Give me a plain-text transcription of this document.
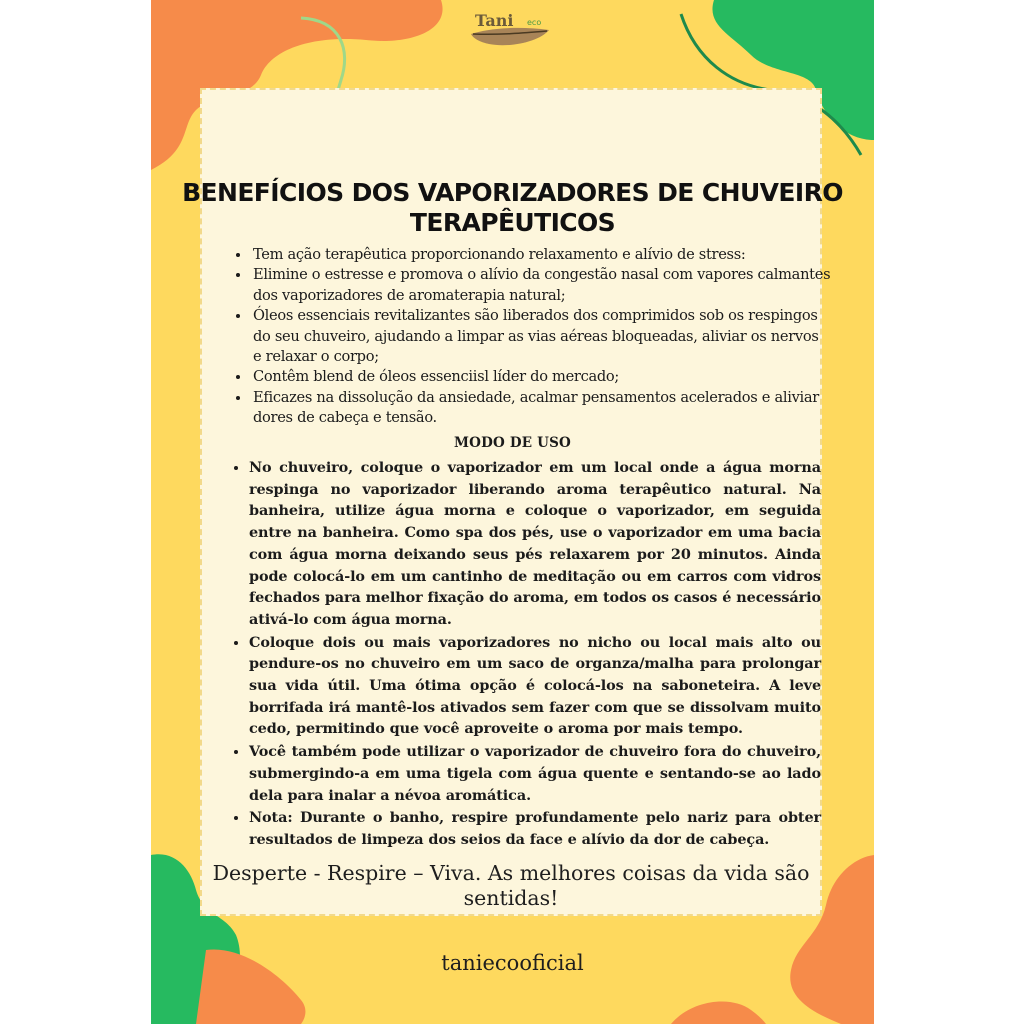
Tani eco
BENEFÍCIOS DOS VAPORIZADORES DE CHUVEIRO TERAPÊUTICOS
• Tem ação terapêutica proporcionando relaxamento e alívio de stress:
• Elimine o estresse e promova o alívio da congestão nasal com vapores calmantes dos vaporizadores de aromaterapia natural;
• Óleos essenciais revitalizantes são liberados dos comprimidos sob os respingos do seu chuveiro, ajudando a limpar as vias aéreas bloqueadas, aliviar os nervos e relaxar o corpo;
• Contêm blend de óleos essenciisl líder do mercado;
• Eficazes na dissolução da ansiedade, acalmar pensamentos acelerados e aliviar dores de cabeça e tensão.
MODO DE USO
• No chuveiro, coloque o vaporizador em um local onde a água morna respinga no vaporizador liberando aroma terapêutico natural. Na banheira, utilize água morna e coloque o vaporizador, em seguida entre na banheira. Como spa dos pés, use o vaporizador em uma bacia com água morna deixando seus pés relaxarem por 20 minutos. Ainda pode colocá-lo em um cantinho de meditação ou em carros com vidros fechados para melhor fixação do aroma, em todos os casos é necessário ativá-lo com água morna.
• Coloque dois ou mais vaporizadores no nicho ou local mais alto ou pendure-os no chuveiro em um saco de organza/malha para prolongar sua vida útil. Uma ótima opção é colocá-los na saboneteira. A leve borrifada irá mantê-los ativados sem fazer com que se dissolvam muito cedo, permitindo que você aproveite o aroma por mais tempo.
• Você também pode utilizar o vaporizador de chuveiro fora do chuveiro, submergindo-a em uma tigela com água quente e sentando-se ao lado dela para inalar a névoa aromática.
• Nota: Durante o banho, respire profundamente pelo nariz para obter resultados de limpeza dos seios da face e alívio da dor de cabeça.
Desperte - Respire – Viva. As melhores coisas da vida são sentidas!
taniecooficial
